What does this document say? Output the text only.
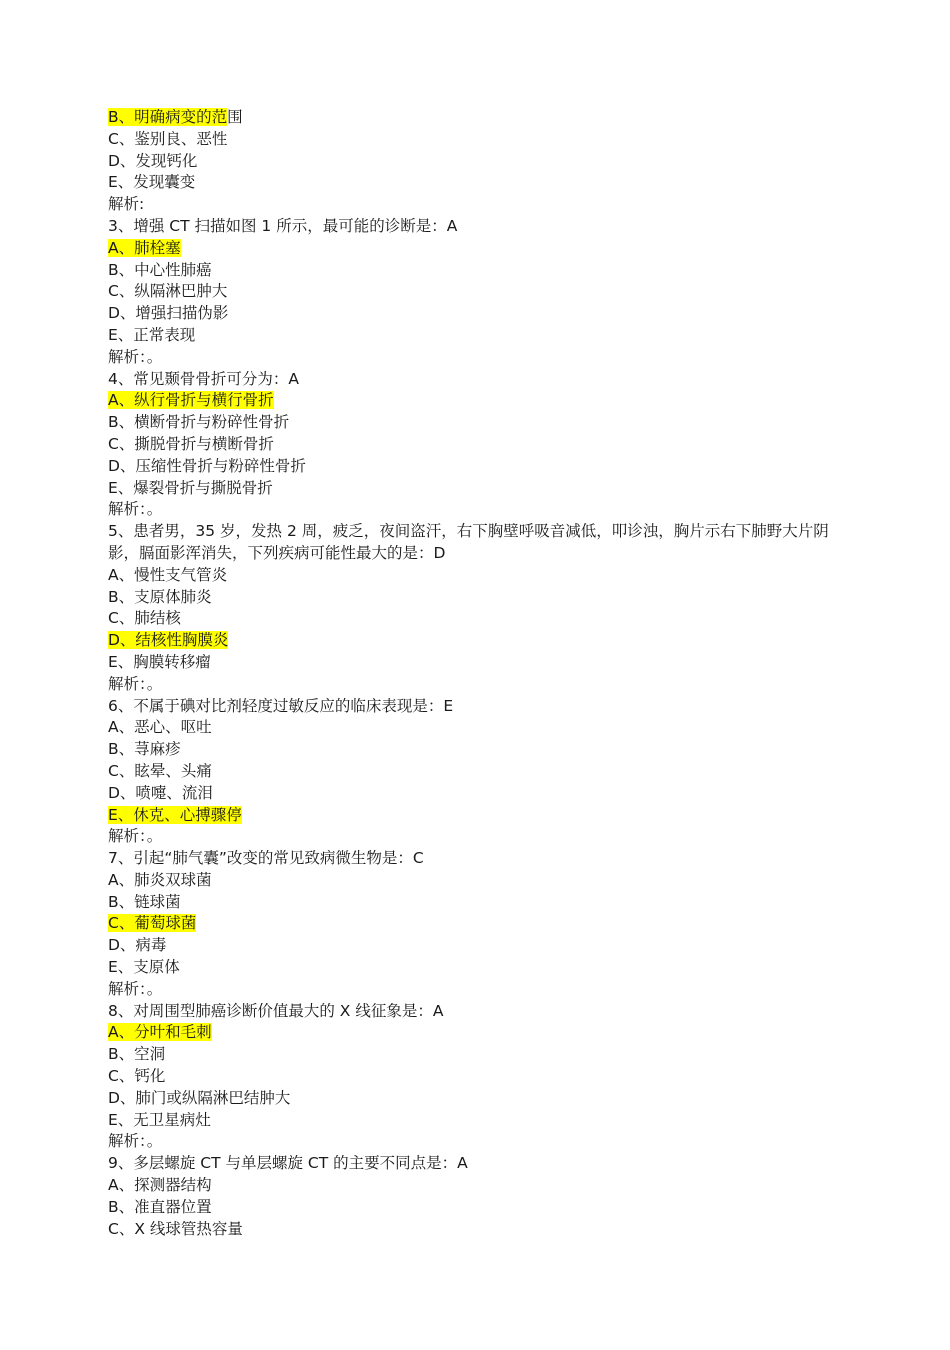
B、明确病变的范围
C、鉴别良、恶性
D、发现钙化
E、发现囊变
解析:
3、增强 CT 扫描如图 1 所示，最可能的诊断是：A
A、肺栓塞
B、中心性肺癌
C、纵隔淋巴肿大
D、增强扫描伪影
E、正常表现
解析：。
4、常见颞骨骨折可分为：A
A、纵行骨折与横行骨折
B、横断骨折与粉碎性骨折
C、撕脱骨折与横断骨折
D、压缩性骨折与粉碎性骨折
E、爆裂骨折与撕脱骨折
解析：。
5、患者男，35 岁，发热 2 周，疲乏，夜间盗汗，右下胸壁呼吸音减低，叩诊浊，胸片示右下肺野大片阴影，膈面影浑消失，下列疾病可能性最大的是：D
A、慢性支气管炎
B、支原体肺炎
C、肺结核
D、结核性胸膜炎
E、胸膜转移瘤
解析：。
6、不属于碘对比剂轻度过敏反应的临床表现是：E
A、恶心、呕吐
B、荨麻疹
C、眩晕、头痛
D、喷嚏、流泪
E、休克、心搏骤停
解析：。
7、引起“肺气囊”改变的常见致病微生物是：C
A、肺炎双球菌
B、链球菌
C、葡萄球菌
D、病毒
E、支原体
解析：。
8、对周围型肺癌诊断价值最大的 X 线征象是：A
A、分叶和毛刺
B、空洞
C、钙化
D、肺门或纵隔淋巴结肿大
E、无卫星病灶
解析：。
9、多层螺旋 CT 与单层螺旋 CT 的主要不同点是：A
A、探测器结构
B、准直器位置
C、X 线球管热容量
